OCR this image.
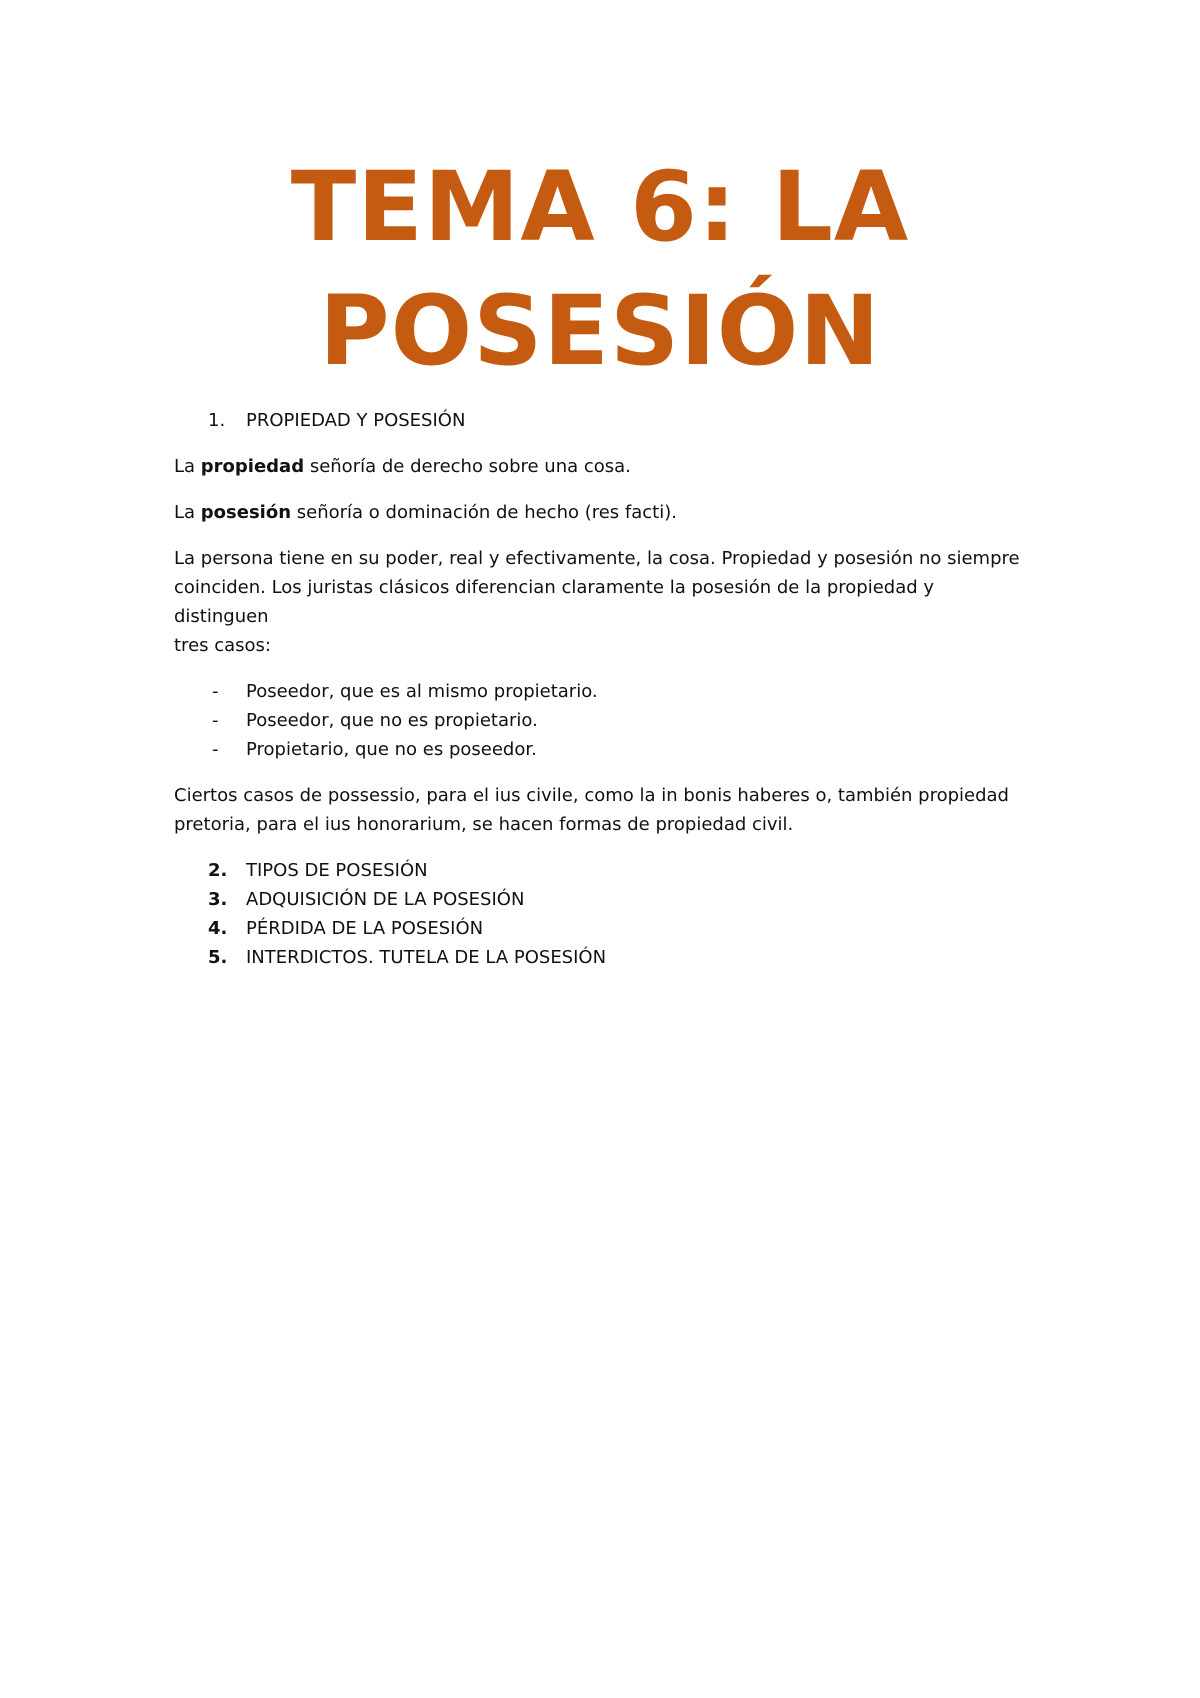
TEMA 6: LA
POSESIÓN
1. PROPIEDAD Y POSESIÓN

La propiedad señoría de derecho sobre una cosa.

La posesión señoría o dominación de hecho (res facti).

La persona tiene en su poder, real y efectivamente, la cosa. Propiedad y posesión no siempre
coinciden. Los juristas clásicos diferencian claramente la posesión de la propiedad y distinguen
tres casos:

- Poseedor, que es al mismo propietario.
- Poseedor, que no es propietario.
- Propietario, que no es poseedor.

Ciertos casos de possessio, para el ius civile, como la in bonis haberes o, también propiedad
pretoria, para el ius honorarium, se hacen formas de propiedad civil.

2. TIPOS DE POSESIÓN
3. ADQUISICIÓN DE LA POSESIÓN
4. PÉRDIDA DE LA POSESIÓN
5. INTERDICTOS. TUTELA DE LA POSESIÓN
